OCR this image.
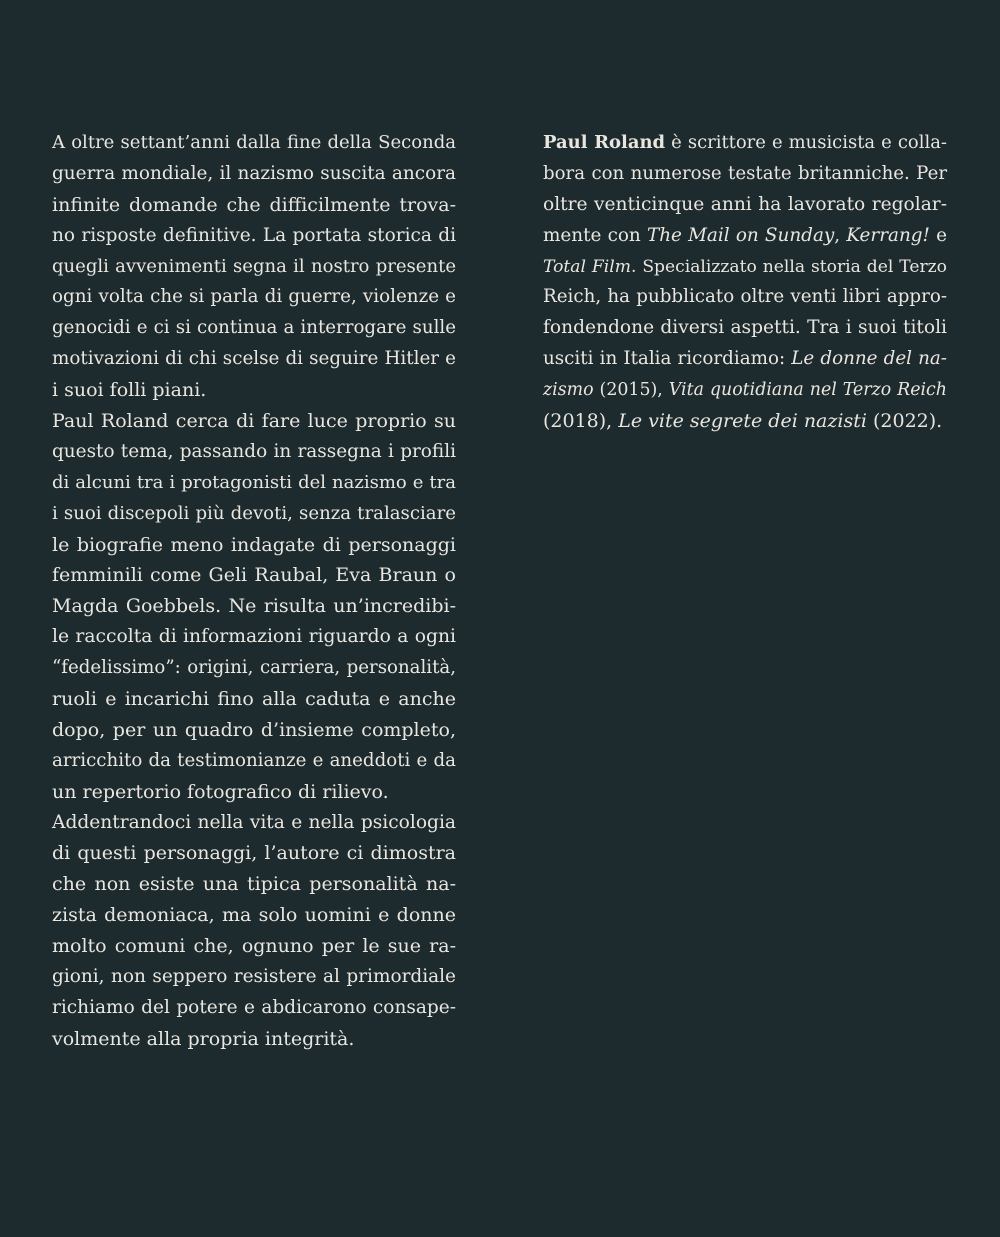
A oltre settant’anni dalla fine della Seconda
guerra mondiale, il nazismo suscita ancora
infinite domande che difficilmente trova-
no risposte definitive. La portata storica di
quegli avvenimenti segna il nostro presente
ogni volta che si parla di guerre, violenze e
genocidi e ci si continua a interrogare sulle
motivazioni di chi scelse di seguire Hitler e
i suoi folli piani.

Paul Roland cerca di fare luce proprio su
questo tema, passando in rassegna i profili
di alcuni tra i protagonisti del nazismo e tra
i suoi discepoli più devoti, senza tralasciare
le biografie meno indagate di personaggi
femminili come Geli Raubal, Eva Braun o
Magda Goebbels. Ne risulta un’incredibi-
le raccolta di informazioni riguardo a ogni
“fedelissimo”: origini, carriera, personalità,
ruoli e incarichi fino alla caduta e anche
dopo, per un quadro d’insieme completo,
arricchito da testimonianze e aneddoti e da
un repertorio fotografico di rilievo.

Addentrandoci nella vita e nella psicologia
di questi personaggi, l’autore ci dimostra
che non esiste una tipica personalità na-
zista demoniaca, ma solo uomini e donne
molto comuni che, ognuno per le sue ra-
gioni, non seppero resistere al primordiale
richiamo del potere e abdicarono consape-
volmente alla propria integrità.

Paul Roland è scrittore e musicista e colla-
bora con numerose testate britanniche. Per
oltre venticinque anni ha lavorato regolar-
mente con The Mail on Sunday, Kerrang! e
Total Film. Specializzato nella storia del Terzo
Reich, ha pubblicato oltre venti libri appro-
fondendone diversi aspetti. Tra i suoi titoli
usciti in Italia ricordiamo: Le donne del na-
zismo (2015), Vita quotidiana nel Terzo Reich
(2018), Le vite segrete dei nazisti (2022).
